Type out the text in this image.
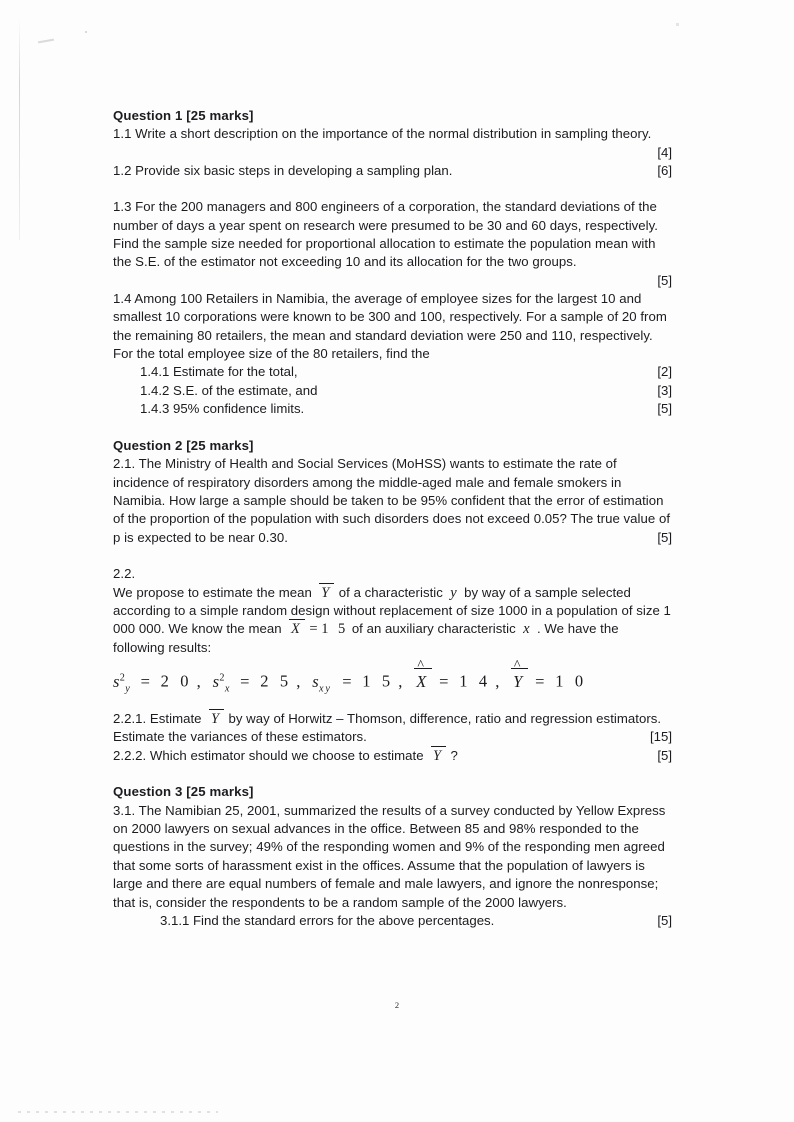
Question 1 [25 marks]
1.1 Write a short description on the importance of the normal distribution in sampling theory.
[4]
1.2 Provide six basic steps in developing a sampling plan.	[6]
1.3 For the 200 managers and 800 engineers of a corporation, the standard deviations of the number of days a year spent on research were presumed to be 30 and 60 days, respectively. Find the sample size needed for proportional allocation to estimate the population mean with the S.E. of the estimator not exceeding 10 and its allocation for the two groups.
[5]
1.4 Among 100 Retailers in Namibia, the average of employee sizes for the largest 10 and smallest 10 corporations were known to be 300 and 100, respectively. For a sample of 20 from the remaining 80 retailers, the mean and standard deviation were 250 and 110, respectively. For the total employee size of the 80 retailers, find the
1.4.1 Estimate for the total,	[2]
1.4.2 S.E. of the estimate, and	[3]
1.4.3 95% confidence limits.	[5]
Question 2 [25 marks]
2.1. The Ministry of Health and Social Services (MoHSS) wants to estimate the rate of incidence of respiratory disorders among the middle-aged male and female smokers in Namibia. How large a sample should be taken to be 95% confident that the error of estimation of the proportion of the population with such disorders does not exceed 0.05? The true value of p is expected to be near 0.30.	[5]
2.2.
We propose to estimate the mean Y of a characteristic y by way of a sample selected according to a simple random design without replacement of size 1000 in a population of size 1 000 000. We know the mean X = 1 5 of an auxiliary characteristic x . We have the following results:
$s^2_y = 2$ 0 , $s^2_x = 2$ 5 , $s_{xy} = 1$ 5 ,
^
X = 1 4 ,
^
Y = 1 0
2.2.1. Estimate Y by way of Horwitz – Thomson, difference, ratio and regression estimators. Estimate the variances of these estimators.	[15]
2.2.2. Which estimator should we choose to estimate Y ?	[5]
Question 3 [25 marks]
3.1. The Namibian 25, 2001, summarized the results of a survey conducted by Yellow Express on 2000 lawyers on sexual advances in the office. Between 85 and 98% responded to the questions in the survey; 49% of the responding women and 9% of the responding men agreed that some sorts of harassment exist in the offices. Assume that the population of lawyers is large and there are equal numbers of female and male lawyers, and ignore the nonresponse; that is, consider the respondents to be a random sample of the 2000 lawyers.
3.1.1 Find the standard errors for the above percentages.	[5]
2
